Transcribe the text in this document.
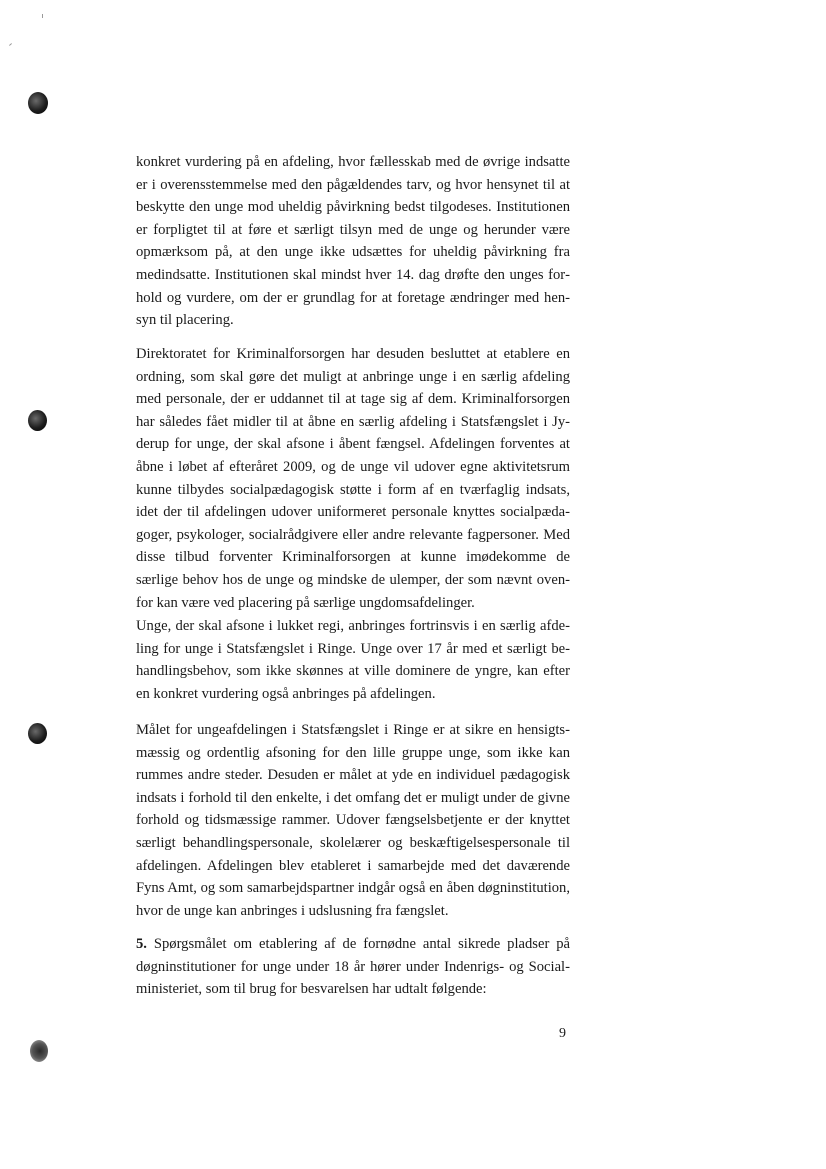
konkret vurdering på en afdeling, hvor fællesskab med de øvrige indsatte er i overensstemmelse med den pågældendes tarv, og hvor hensynet til at beskytte den unge mod uheldig påvirkning bedst tilgodeses. Institutionen er forpligtet til at føre et særligt tilsyn med de unge og herunder være opmærksom på, at den unge ikke udsættes for uheldig påvirkning fra medindsatte. Institutionen skal mindst hver 14. dag drøfte den unges forhold og vurdere, om der er grundlag for at foretage ændringer med hensyn til placering.

Direktoratet for Kriminalforsorgen har desuden besluttet at etablere en ordning, som skal gøre det muligt at anbringe unge i en særlig afdeling med personale, der er uddannet til at tage sig af dem. Kriminalforsorgen har således fået midler til at åbne en særlig afdeling i Statsfængslet i Jyderup for unge, der skal afsone i åbent fængsel. Afdelingen forventes at åbne i løbet af efteråret 2009, og de unge vil udover egne aktivitetsrum kunne tilbydes socialpædagogisk støtte i form af en tværfaglig indsats, idet der til afdelingen udover uniformeret personale knyttes socialpædagoger, psykologer, socialrådgivere eller andre relevante fagpersoner. Med disse tilbud forventer Kriminalforsorgen at kunne imødekomme de særlige behov hos de unge og mindske de ulemper, der som nævnt ovenfor kan være ved placering på særlige ungdomsafdelinger.

Unge, der skal afsone i lukket regi, anbringes fortrinsvis i en særlig afdeling for unge i Statsfængslet i Ringe. Unge over 17 år med et særligt behandlingsbehov, som ikke skønnes at ville dominere de yngre, kan efter en konkret vurdering også anbringes på afdelingen.

Målet for ungeafdelingen i Statsfængslet i Ringe er at sikre en hensigtsmæssig og ordentlig afsoning for den lille gruppe unge, som ikke kan rummes andre steder. Desuden er målet at yde en individuel pædagogisk indsats i forhold til den enkelte, i det omfang det er muligt under de givne forhold og tidsmæssige rammer. Udover fængselsbetjente er der knyttet særligt behandlingspersonale, skolelærer og beskæftigelsespersonale til afdelingen. Afdelingen blev etableret i samarbejde med det daværende Fyns Amt, og som samarbejdspartner indgår også en åben døgninstitution, hvor de unge kan anbringes i udslusning fra fængslet.

5. Spørgsmålet om etablering af de fornødne antal sikrede pladser på døgninstitutioner for unge under 18 år hører under Indenrigs- og Socialministeriet, som til brug for besvarelsen har udtalt følgende:

9
